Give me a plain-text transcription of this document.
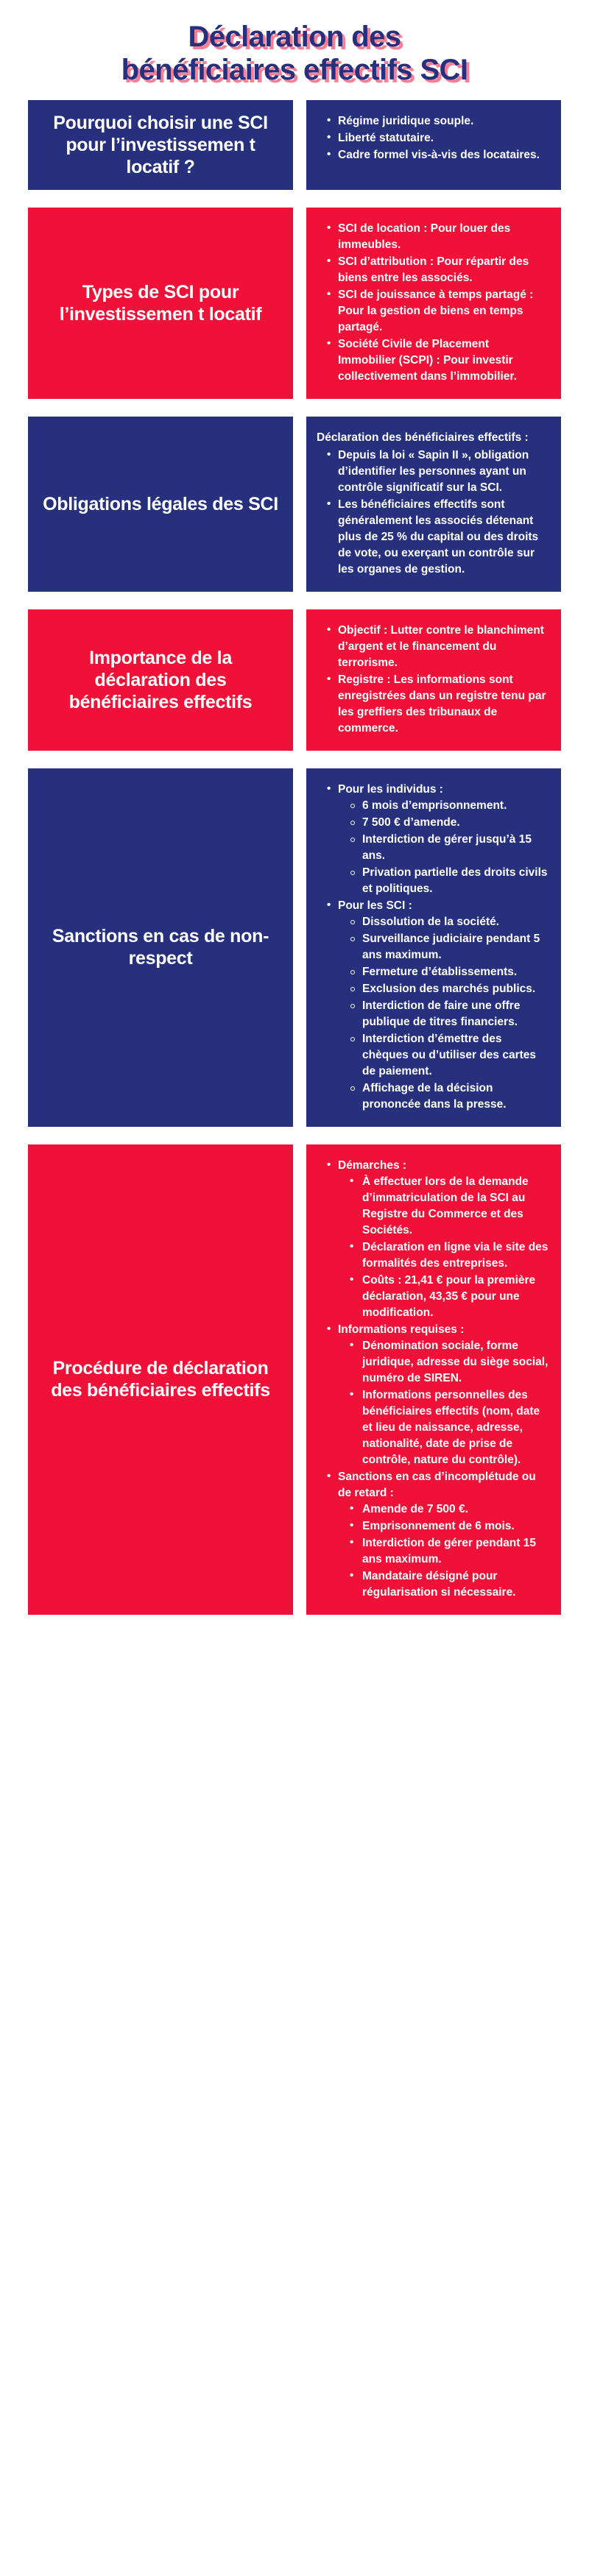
Déclaration des
bénéficiaires effectifs SCI
Pourquoi choisir une SCI pour l’investissemen t locatif ?
• Régime juridique souple.
• Liberté statutaire.
• Cadre formel vis-à-vis des locataires.
Types de SCI pour l’investissemen t locatif
• SCI de location : Pour louer des immeubles.
• SCI d’attribution : Pour répartir des biens entre les associés.
• SCI de jouissance à temps partagé : Pour la gestion de biens en temps partagé.
• Société Civile de Placement Immobilier (SCPI) : Pour investir collectivement dans l’immobilier.
Obligations légales des SCI
Déclaration des bénéficiaires effectifs :
• Depuis la loi « Sapin II », obligation d’identifier les personnes ayant un contrôle significatif sur la SCI.
• Les bénéficiaires effectifs sont généralement les associés détenant plus de 25 % du capital ou des droits de vote, ou exerçant un contrôle sur les organes de gestion.
Importance de la déclaration des bénéficiaires effectifs
• Objectif : Lutter contre le blanchiment d’argent et le financement du terrorisme.
• Registre : Les informations sont enregistrées dans un registre tenu par les greffiers des tribunaux de commerce.
Sanctions en cas de non-respect
• Pour les individus :
6 mois d’emprisonnement.
7 500 € d’amende.
Interdiction de gérer jusqu’à 15 ans.
Privation partielle des droits civils et politiques.
• Pour les SCI :
Dissolution de la société.
Surveillance judiciaire pendant 5 ans maximum.
Fermeture d’établissements.
Exclusion des marchés publics.
Interdiction de faire une offre publique de titres financiers.
Interdiction d’émettre des chèques ou d’utiliser des cartes de paiement.
Affichage de la décision prononcée dans la presse.
Procédure de déclaration des bénéficiaires effectifs
• Démarches :
• À effectuer lors de la demande d’immatriculation de la SCI au Registre du Commerce et des Sociétés.
• Déclaration en ligne via le site des formalités des entreprises.
• Coûts : 21,41 € pour la première déclaration, 43,35 € pour une modification.
• Informations requises :
• Dénomination sociale, forme juridique, adresse du siège social, numéro de SIREN.
• Informations personnelles des bénéficiaires effectifs (nom, date et lieu de naissance, adresse, nationalité, date de prise de contrôle, nature du contrôle).
• Sanctions en cas d’incomplétude ou de retard :
• Amende de 7 500 €.
• Emprisonnement de 6 mois.
• Interdiction de gérer pendant 15 ans maximum.
• Mandataire désigné pour régularisation si nécessaire.
